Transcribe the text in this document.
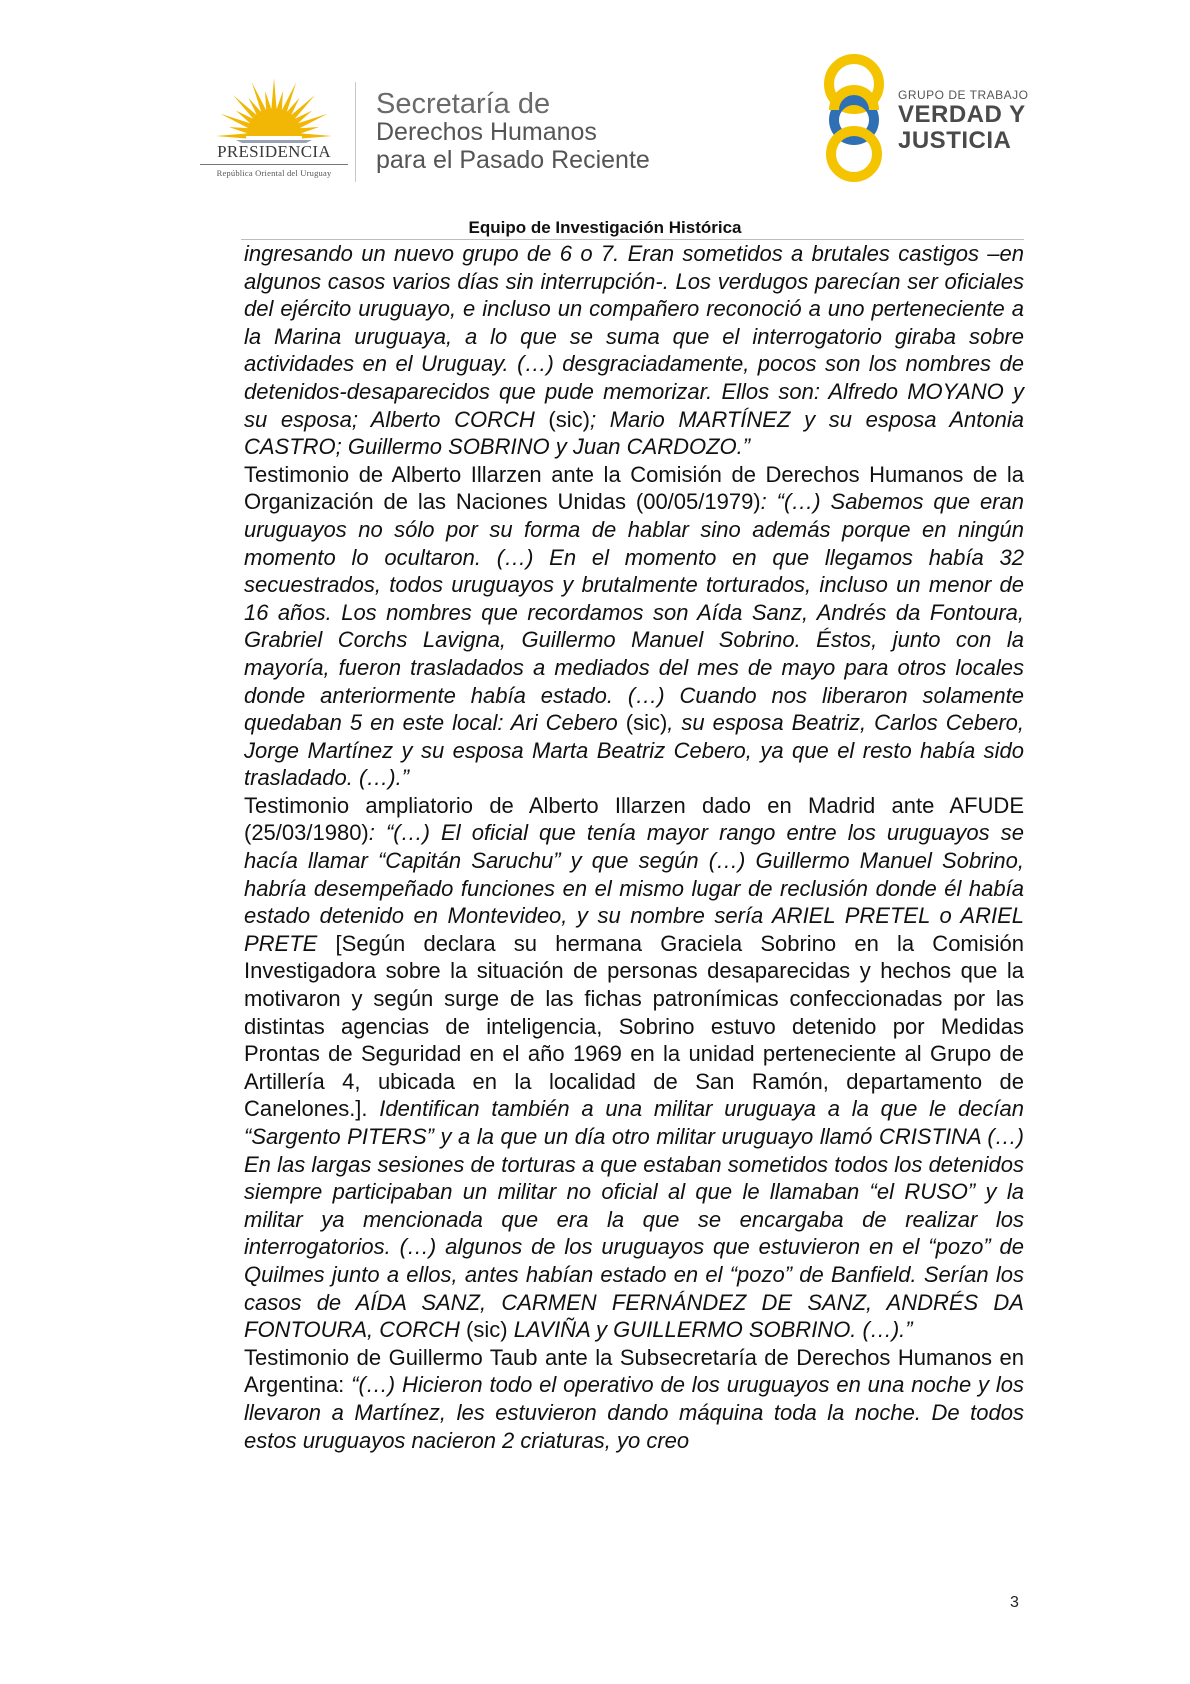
PRESIDENCIA
República Oriental del Uruguay
Secretaría de
Derechos Humanos
para el Pasado Reciente
GRUPO DE TRABAJO
VERDAD Y
JUSTICIA
Equipo de Investigación Histórica

ingresando un nuevo grupo de 6 o 7. Eran sometidos a brutales castigos –en algunos casos varios días sin interrupción-. Los verdugos parecían ser oficiales del ejército uruguayo, e incluso un compañero reconoció a uno perteneciente a la Marina uruguaya, a lo que se suma que el interrogatorio giraba sobre actividades en el Uruguay. (…) desgraciadamente, pocos son los nombres de detenidos-desaparecidos que pude memorizar. Ellos son: Alfredo MOYANO y su esposa; Alberto CORCH (sic); Mario MARTÍNEZ y su esposa Antonia CASTRO; Guillermo SOBRINO y Juan CARDOZO.”

Testimonio de Alberto Illarzen ante la Comisión de Derechos Humanos de la Organización de las Naciones Unidas (00/05/1979): “(…) Sabemos que eran uruguayos no sólo por su forma de hablar sino además porque en ningún momento lo ocultaron. (…) En el momento en que llegamos había 32 secuestrados, todos uruguayos y brutalmente torturados, incluso un menor de 16 años. Los nombres que recordamos son Aída Sanz, Andrés da Fontoura, Grabriel Corchs Lavigna, Guillermo Manuel Sobrino. Éstos, junto con la mayoría, fueron trasladados a mediados del mes de mayo para otros locales donde anteriormente había estado. (…) Cuando nos liberaron solamente quedaban 5 en este local: Ari Cebero (sic), su esposa Beatriz, Carlos Cebero, Jorge Martínez y su esposa Marta Beatriz Cebero, ya que el resto había sido trasladado. (…).”

Testimonio ampliatorio de Alberto Illarzen dado en Madrid ante AFUDE (25/03/1980): “(…) El oficial que tenía mayor rango entre los uruguayos se hacía llamar “Capitán Saruchu” y que según (…) Guillermo Manuel Sobrino, habría desempeñado funciones en el mismo lugar de reclusión donde él había estado detenido en Montevideo, y su nombre sería ARIEL PRETEL o ARIEL PRETE [Según declara su hermana Graciela Sobrino en la Comisión Investigadora sobre la situación de personas desaparecidas y hechos que la motivaron y según surge de las fichas patronímicas confeccionadas por las distintas agencias de inteligencia, Sobrino estuvo detenido por Medidas Prontas de Seguridad en el año 1969 en la unidad perteneciente al Grupo de Artillería 4, ubicada en la localidad de San Ramón, departamento de Canelones.]. Identifican también a una militar uruguaya a la que le decían “Sargento PITERS” y a la que un día otro militar uruguayo llamó CRISTINA (…) En las largas sesiones de torturas a que estaban sometidos todos los detenidos siempre participaban un militar no oficial al que le llamaban “el RUSO” y la militar ya mencionada que era la que se encargaba de realizar los interrogatorios. (…) algunos de los uruguayos que estuvieron en el “pozo” de Quilmes junto a ellos, antes habían estado en el “pozo” de Banfield. Serían los casos de AÍDA SANZ, CARMEN FERNÁNDEZ DE SANZ, ANDRÉS DA FONTOURA, CORCH (sic) LAVIÑA y GUILLERMO SOBRINO. (…).”

Testimonio de Guillermo Taub ante la Subsecretaría de Derechos Humanos en Argentina: “(…) Hicieron todo el operativo de los uruguayos en una noche y los llevaron a Martínez, les estuvieron dando máquina toda la noche. De todos estos uruguayos nacieron 2 criaturas, yo creo

3
